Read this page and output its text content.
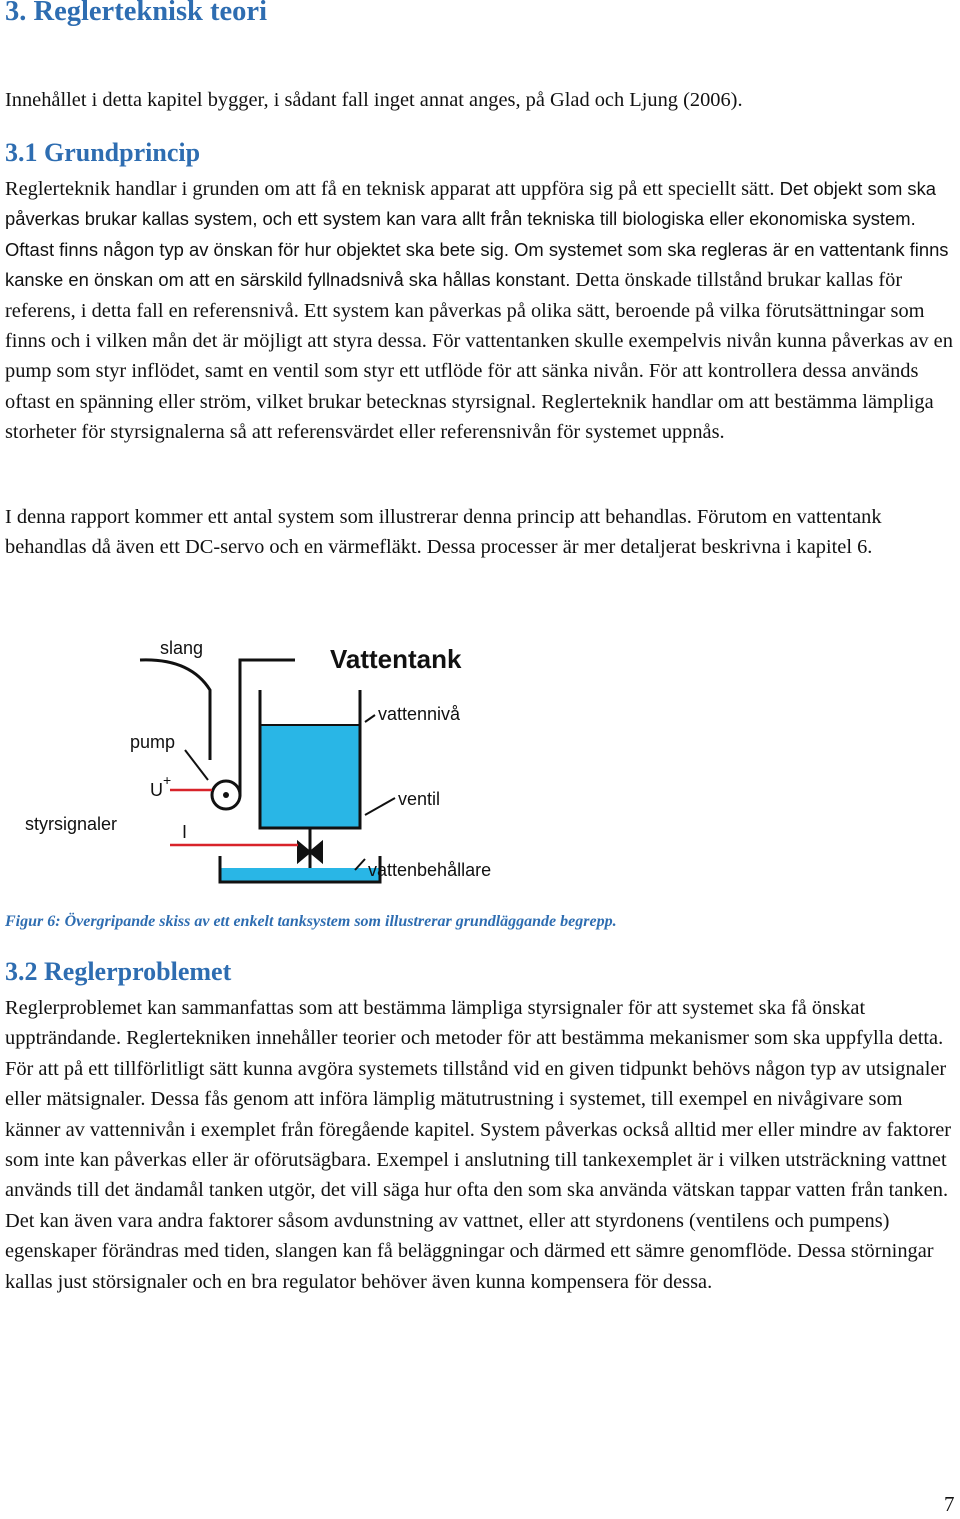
3. Reglerteknisk teori

Innehållet i detta kapitel bygger, i sådant fall inget annat anges, på Glad och Ljung (2006).

3.1 Grundprincip

Reglerteknik handlar i grunden om att få en teknisk apparat att uppföra sig på ett speciellt sätt. Det objekt som ska påverkas brukar kallas system, och ett system kan vara allt från tekniska till biologiska eller ekonomiska system. Oftast finns någon typ av önskan för hur objektet ska bete sig. Om systemet som ska regleras är en vattentank finns kanske en önskan om att en särskild fyllnadsnivå ska hållas konstant. Detta önskade tillstånd brukar kallas för referens, i detta fall en referensnivå. Ett system kan påverkas på olika sätt, beroende på vilka förutsättningar som finns och i vilken mån det är möjligt att styra dessa. För vattentanken skulle exempelvis nivån kunna påverkas av en pump som styr inflödet, samt en ventil som styr ett utflöde för att sänka nivån. För att kontrollera dessa används oftast en spänning eller ström, vilket brukar betecknas styrsignal. Reglerteknik handlar om att bestämma lämpliga storheter för styrsignalerna så att referensvärdet eller referensnivån för systemet uppnås.

I denna rapport kommer ett antal system som illustrerar denna princip att behandlas. Förutom en vattentank behandlas då även ett DC-servo och en värmefläkt. Dessa processer är mer detaljerat beskrivna i kapitel 6.

Vattentank
slang
pump
U +
I
styrsignaler
vattennivå
ventil
vattenbehållare

Figur 6: Övergripande skiss av ett enkelt tanksystem som illustrerar grundläggande begrepp.

3.2 Reglerproblemet

Reglerproblemet kan sammanfattas som att bestämma lämpliga styrsignaler för att systemet ska få önskat uppträndande. Reglertekniken innehåller teorier och metoder för att bestämma mekanismer som ska uppfylla detta. För att på ett tillförlitligt sätt kunna avgöra systemets tillstånd vid en given tidpunkt behövs någon typ av utsignaler eller mätsignaler. Dessa fås genom att införa lämplig mätutrustning i systemet, till exempel en nivågivare som känner av vattennivån i exemplet från föregående kapitel. System påverkas också alltid mer eller mindre av faktorer som inte kan påverkas eller är oförutsägbara. Exempel i anslutning till tankexemplet är i vilken utsträckning vattnet används till det ändamål tanken utgör, det vill säga hur ofta den som ska använda vätskan tappar vatten från tanken. Det kan även vara andra faktorer såsom avdunstning av vattnet, eller att styrdonens (ventilens och pumpens) egenskaper förändras med tiden, slangen kan få beläggningar och därmed ett sämre genomflöde. Dessa störningar kallas just störsignaler och en bra regulator behöver även kunna kompensera för dessa.

7
